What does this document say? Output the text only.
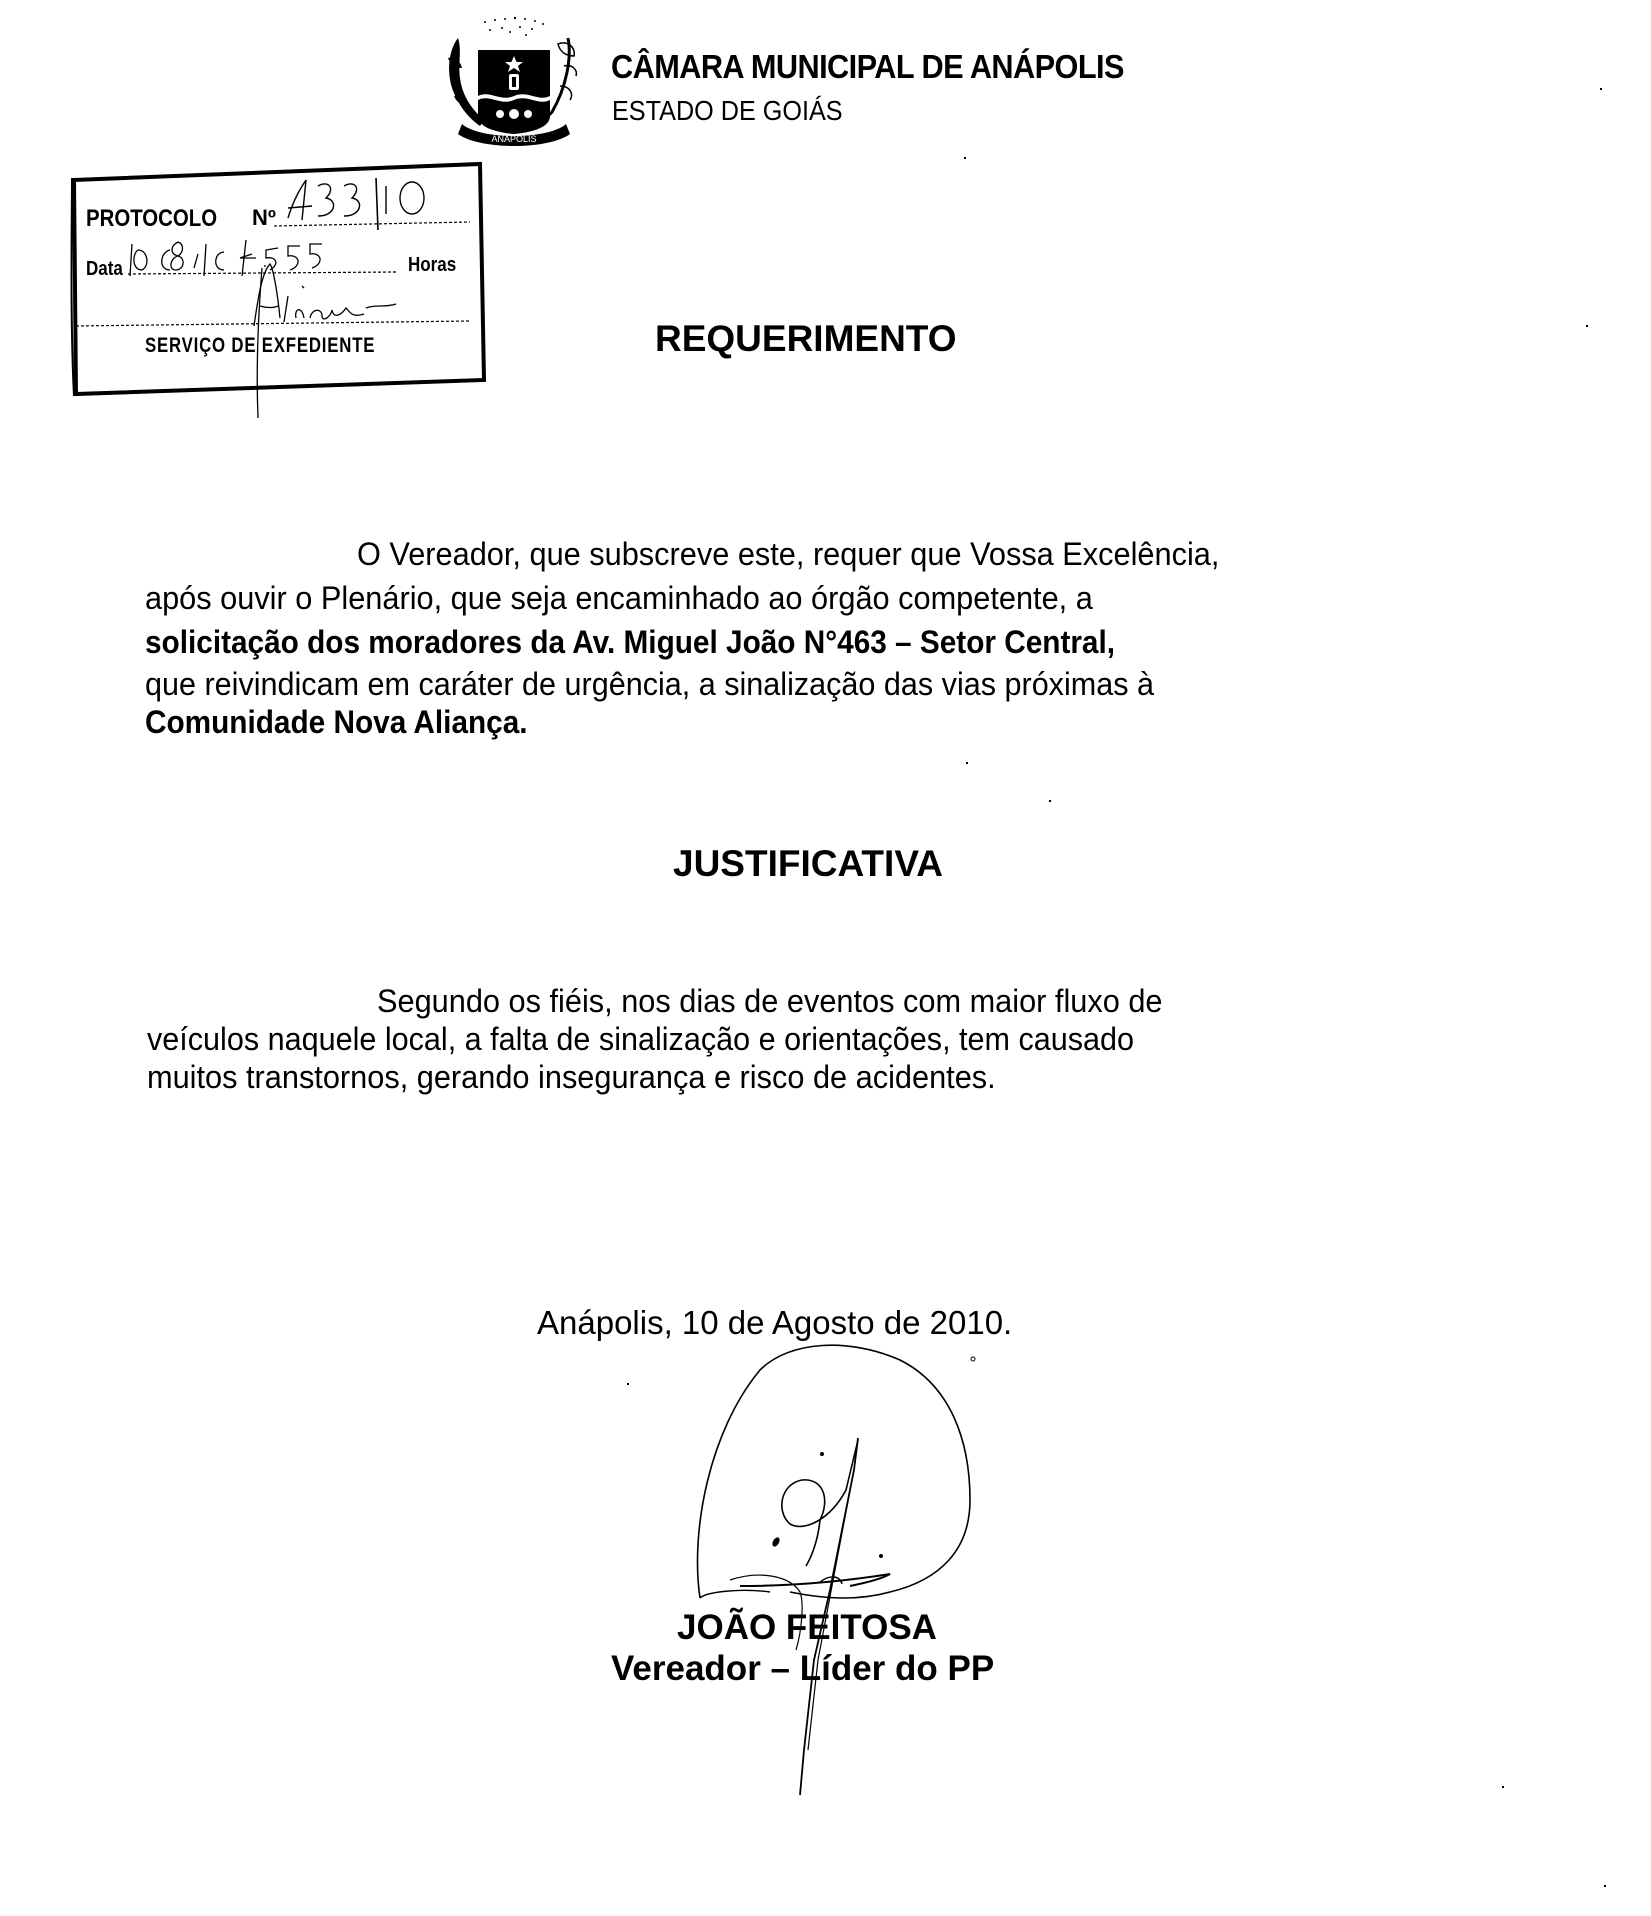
ANÁPOLIS
CÂMARA MUNICIPAL DE ANÁPOLIS
ESTADO DE GOIÁS
PROTOCOLO Nº
Data	Horas
SERVIÇO DE EXFEDIENTE	REQUERIMENTO
O Vereador, que subscreve este, requer que Vossa Excelência,
após ouvir o Plenário, que seja encaminhado ao órgão competente, a
solicitação dos moradores da Av. Miguel João N°463 – Setor Central,
que reivindicam em caráter de urgência, a sinalização das vias próximas à
Comunidade Nova Aliança.
JUSTIFICATIVA
Segundo os fiéis, nos dias de eventos com maior fluxo de
veículos naquele local, a falta de sinalização e orientações, tem causado
muitos transtornos, gerando insegurança e risco de acidentes.
Anápolis, 10 de Agosto de 2010.
JOÃO FEITOSA
Vereador – Líder do PP
